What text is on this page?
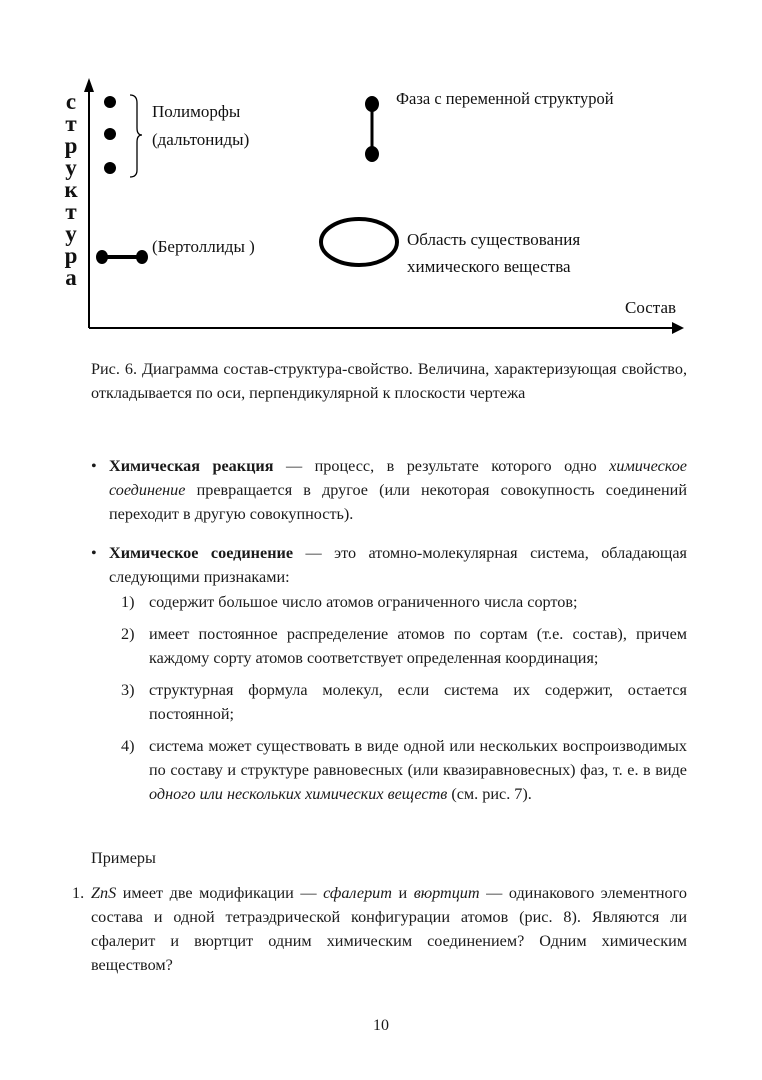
с
т
р
у
к
т
у
р
а
Полиморфы
(дальтониды)
(Бертоллиды )
Фаза с переменной структурой
Область существования
химического вещества
Состав
Рис. 6. Диаграмма состав-структура-свойство. Величина, характеризующая свойство, откладывается по оси, перпендикулярной к плоскости чертежа
• Химическая реакция — процесс, в результате которого одно химическое соединение превращается в другое (или некоторая совокупность соединений переходит в другую совокупность).
• Химическое соединение — это атомно-молекулярная система, обладающая следующими признаками:
1) содержит большое число атомов ограниченного числа сортов;
2) имеет постоянное распределение атомов по сортам (т.е. состав), причем каждому сорту атомов соответствует определенная координация;
3) структурная формула молекул, если система их содержит, остается постоянной;
4) система может существовать в виде одной или нескольких воспроизводимых по составу и структуре равновесных (или квазиравновесных) фаз, т. е. в виде одного или нескольких химических веществ (см. рис. 7).
Примеры
1. ZnS имеет две модификации — сфалерит и вюртцит — одинакового элементного состава и одной тетраэдрической конфигурации атомов (рис. 8). Являются ли сфалерит и вюртцит одним химическим соединением? Одним химическим веществом?
10
